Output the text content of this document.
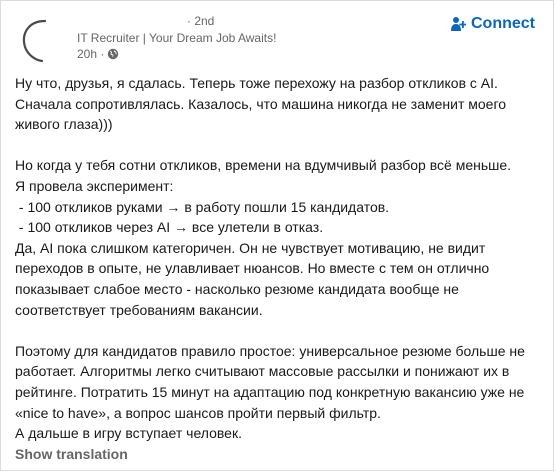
· 2nd
IT Recruiter | Your Dream Job Awaits!
20h ·
Connect

Ну что, друзья, я сдалась. Теперь тоже перехожу на разбор откликов с AI.

Сначала сопротивлялась. Казалось, что машина никогда не заменит моего

живого глаза)))

Но когда у тебя сотни откликов, времени на вдумчивый разбор всё меньше.

Я провела эксперимент:

- 100 откликов руками → в работу пошли 15 кандидатов.

- 100 откликов через AI → все улетели в отказ.

Да, AI пока слишком категоричен. Он не чувствует мотивацию, не видит

переходов в опыте, не улавливает нюансов. Но вместе с тем он отлично

показывает слабое место - насколько резюме кандидата вообще не

соответствует требованиям вакансии.

Поэтому для кандидатов правило простое: универсальное резюме больше не

работает. Алгоритмы легко считывают массовые рассылки и понижают их в

рейтинге. Потратить 15 минут на адаптацию под конкретную вакансию уже не

«nice to have», а вопрос шансов пройти первый фильтр.

А дальше в игру вступает человек.

Show translation
